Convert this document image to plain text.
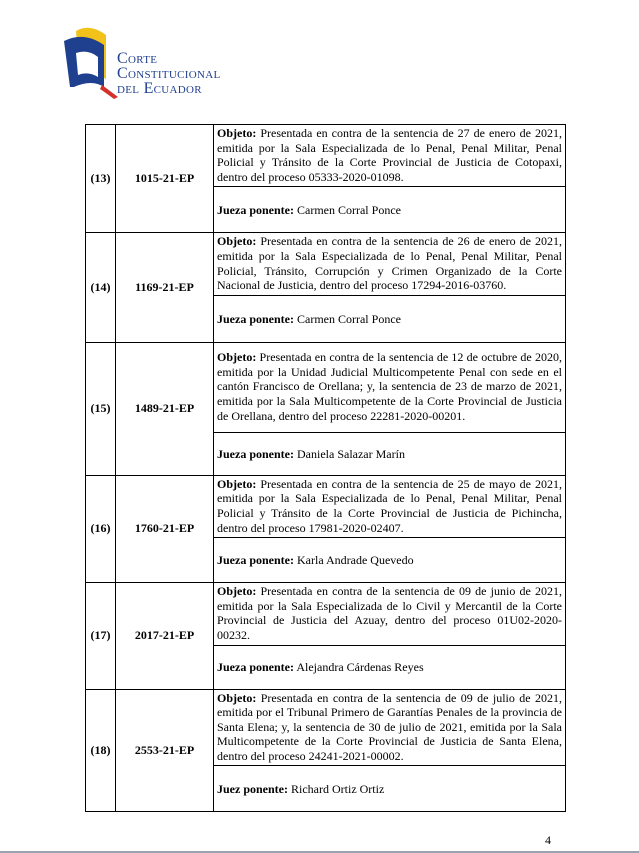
Corte
Constitucional
del Ecuador
(13)	1015-21-EP	Objeto: Presentada en contra de la sentencia de 27 de enero de 2021, emitida por la Sala Especializada de lo Penal, Penal Militar, Penal Policial y Tránsito de la Corte Provincial de Justicia de Cotopaxi, dentro del proceso 05333-2020-01098.
		Jueza ponente: Carmen Corral Ponce
(14)	1169-21-EP	Objeto: Presentada en contra de la sentencia de 26 de enero de 2021, emitida por la Sala Especializada de lo Penal, Penal Militar, Penal Policial, Tránsito, Corrupción y Crimen Organizado de la Corte Nacional de Justicia, dentro del proceso 17294-2016-03760.
		Jueza ponente: Carmen Corral Ponce
(15)	1489-21-EP	Objeto: Presentada en contra de la sentencia de 12 de octubre de 2020, emitida por la Unidad Judicial Multicompetente Penal con sede en el cantón Francisco de Orellana; y, la sentencia de 23 de marzo de 2021, emitida por la Sala Multicompetente de la Corte Provincial de Justicia de Orellana, dentro del proceso 22281-2020-00201.
		Jueza ponente: Daniela Salazar Marín
(16)	1760-21-EP	Objeto: Presentada en contra de la sentencia de 25 de mayo de 2021, emitida por la Sala Especializada de lo Penal, Penal Militar, Penal Policial y Tránsito de la Corte Provincial de Justicia de Pichincha, dentro del proceso 17981-2020-02407.
		Jueza ponente: Karla Andrade Quevedo
(17)	2017-21-EP	Objeto: Presentada en contra de la sentencia de 09 de junio de 2021, emitida por la Sala Especializada de lo Civil y Mercantil de la Corte Provincial de Justicia del Azuay, dentro del proceso 01U02-2020-00232.
		Jueza ponente: Alejandra Cárdenas Reyes
(18)	2553-21-EP	Objeto: Presentada en contra de la sentencia de 09 de julio de 2021, emitida por el Tribunal Primero de Garantías Penales de la provincia de Santa Elena; y, la sentencia de 30 de julio de 2021, emitida por la Sala Multicompetente de la Corte Provincial de Justicia de Santa Elena, dentro del proceso 24241-2021-00002.
		Juez ponente: Richard Ortiz Ortiz
4
